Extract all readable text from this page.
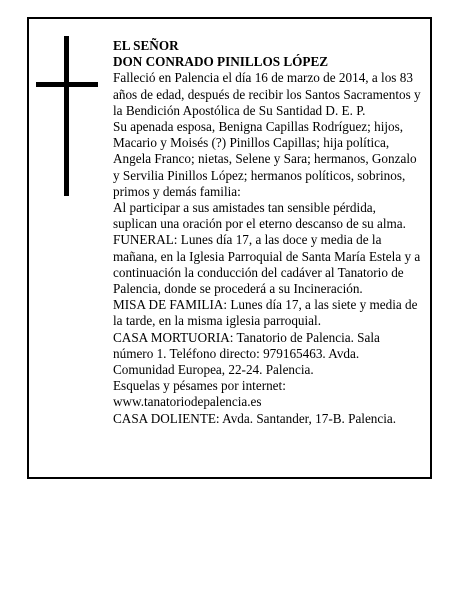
EL SEÑOR

DON CONRADO PINILLOS LÓPEZ

Falleció en Palencia el día 16 de marzo de 2014, a los 83 años de edad, después de recibir los Santos Sacramentos y la Bendición Apostólica de Su Santidad D. E. P.

Su apenada esposa, Benigna Capillas Rodríguez; hijos, Macario y Moisés (?) Pinillos Capillas; hija política, Angela Franco; nietas, Selene y Sara; hermanos, Gonzalo y Servilia Pinillos López; hermanos políticos, sobrinos, primos y demás familia:

Al participar a sus amistades tan sensible pérdida, suplican una oración por el eterno descanso de su alma.

FUNERAL: Lunes día 17, a las doce y media de la mañana, en la Iglesia Parroquial de Santa María Estela y a continuación la conducción del cadáver al Tanatorio de Palencia, donde se procederá a su Incineración.

MISA DE FAMILIA: Lunes día 17, a las siete y media de la tarde, en la misma iglesia parroquial.

CASA MORTUORIA: Tanatorio de Palencia. Sala número 1. Teléfono directo: 979165463. Avda. Comunidad Europea, 22-24. Palencia.

Esquelas y pésames por internet: www.tanatoriodepalencia.es

CASA DOLIENTE: Avda. Santander, 17-B. Palencia.
